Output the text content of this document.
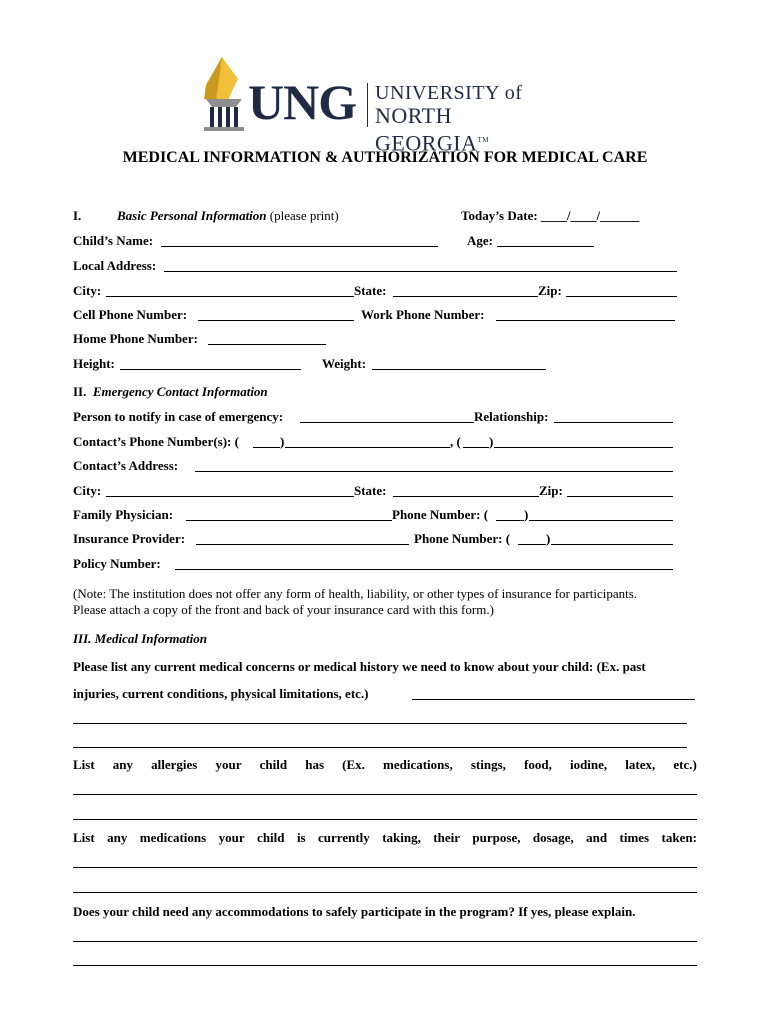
UNG UNIVERSITY of
NORTH GEORGIA™
MEDICAL INFORMATION & AUTHORIZATION FOR MEDICAL CARE
I.	Basic Personal Information (please print)	Today’s Date: ____/____/______
Child’s Name:	Age:
Local Address:
City:	State:	Zip:
Cell Phone Number:	Work Phone Number:
Home Phone Number:
Height:	Weight:
II. Emergency Contact Information
Person to notify in case of emergency:	Relationship:
Contact’s Phone Number(s): (	)	, ( )
Contact’s Address:
City:	State:	Zip:
Family Physician:	Phone Number: (	)
Insurance Provider:	Phone Number: (	)
Policy Number:
(Note: The institution does not offer any form of health, liability, or other types of insurance for participants.
Please attach a copy of the front and back of your insurance card with this form.)
III. Medical Information
Please list any current medical concerns or medical history we need to know about your child: (Ex. past
injuries, current conditions, physical limitations, etc.)
List any allergies your child has (Ex. medications, stings, food, iodine, latex, etc.)
List any medications your child is currently taking, their purpose, dosage, and times taken:
Does your child need any accommodations to safely participate in the program? If yes, please explain.
